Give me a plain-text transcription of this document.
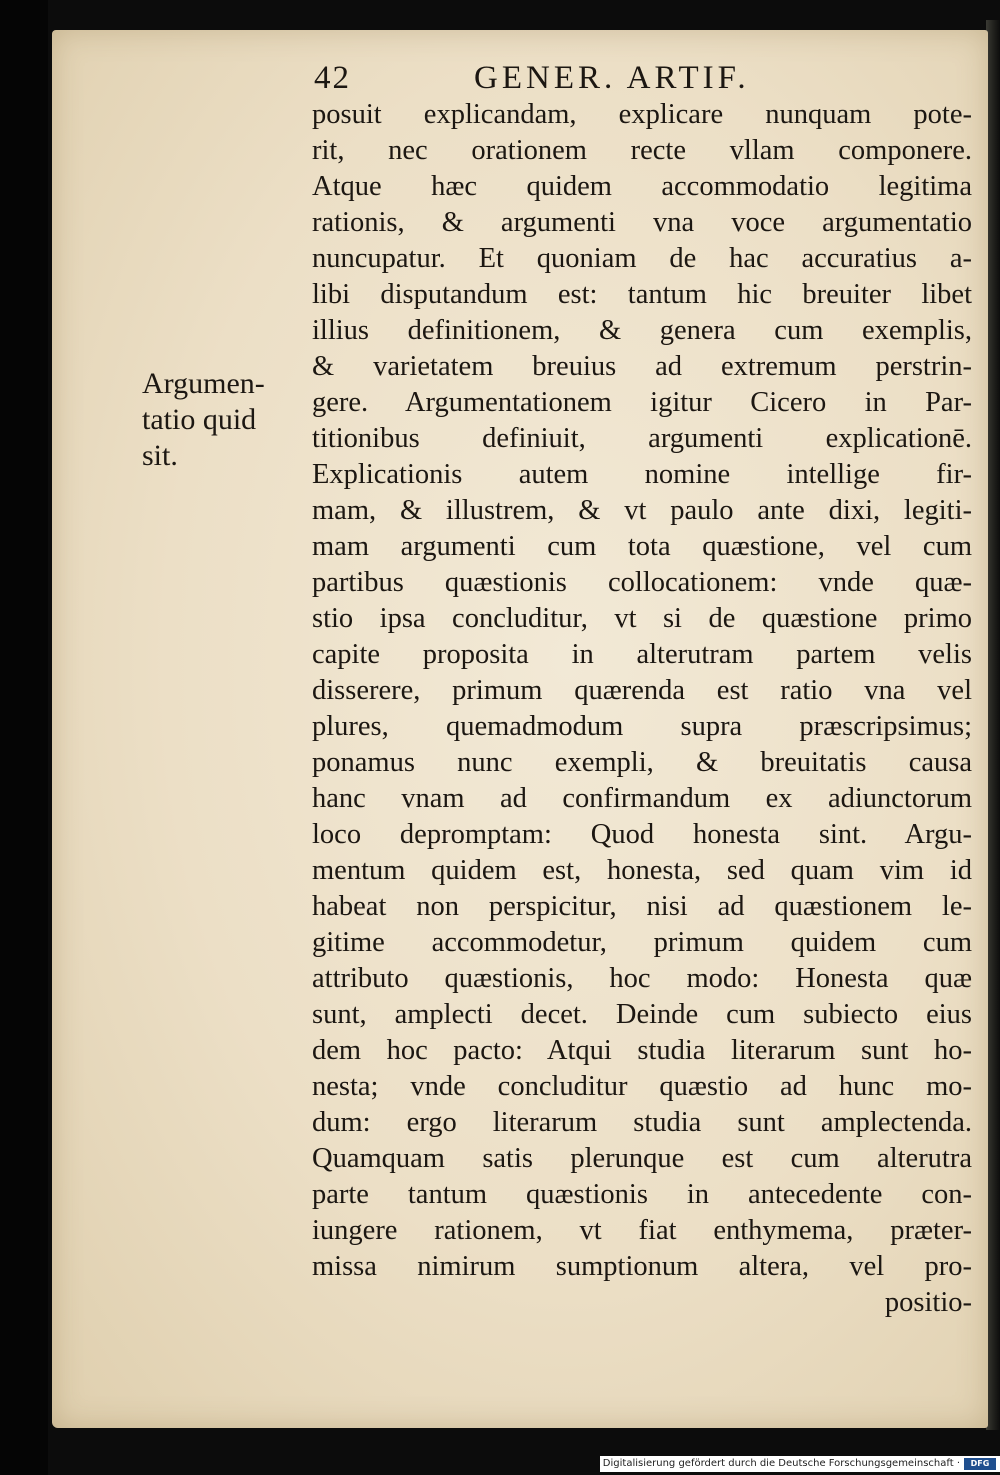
42	GENER. ARTIF.
Argumen-
tatio quid
sit.
posuit explicandam, explicare nunquam pote-
rit, nec orationem recte vllam componere.
Atque hæc quidem accommodatio legitima
rationis, & argumenti vna voce argumentatio
nuncupatur. Et quoniam de hac accuratius a-
libi disputandum est: tantum hic breuiter libet
illius definitionem, & genera cum exemplis,
& varietatem breuius ad extremum perstrin-
gere. Argumentationem igitur Cicero in Par-
titionibus definiuit, argumenti explicationē.
Explicationis autem nomine intellige fir-
mam, & illustrem, & vt paulo ante dixi, legiti-
mam argumenti cum tota quæstione, vel cum
partibus quæstionis collocationem: vnde quæ-
stio ipsa concluditur, vt si de quæstione primo
capite proposita in alterutram partem velis
disserere, primum quærenda est ratio vna vel
plures, quemadmodum supra præscripsimus;
ponamus nunc exempli, & breuitatis causa
hanc vnam ad confirmandum ex adiunctorum
loco depromptam: Quod honesta sint. Argu-
mentum quidem est, honesta, sed quam vim id
habeat non perspicitur, nisi ad quæstionem le-
gitime accommodetur, primum quidem cum
attributo quæstionis, hoc modo: Honesta quæ
sunt, amplecti decet. Deinde cum subiecto eius
dem hoc pacto: Atqui studia literarum sunt ho-
nesta; vnde concluditur quæstio ad hunc mo-
dum: ergo literarum studia sunt amplectenda.
Quamquam satis plerunque est cum alterutra
parte tantum quæstionis in antecedente con-
iungere rationem, vt fiat enthymema, præter-
missa nimirum sumptionum altera, vel pro-
positio-
Digitalisierung gefördert durch die Deutsche Forschungsgemeinschaft ·	DFG
